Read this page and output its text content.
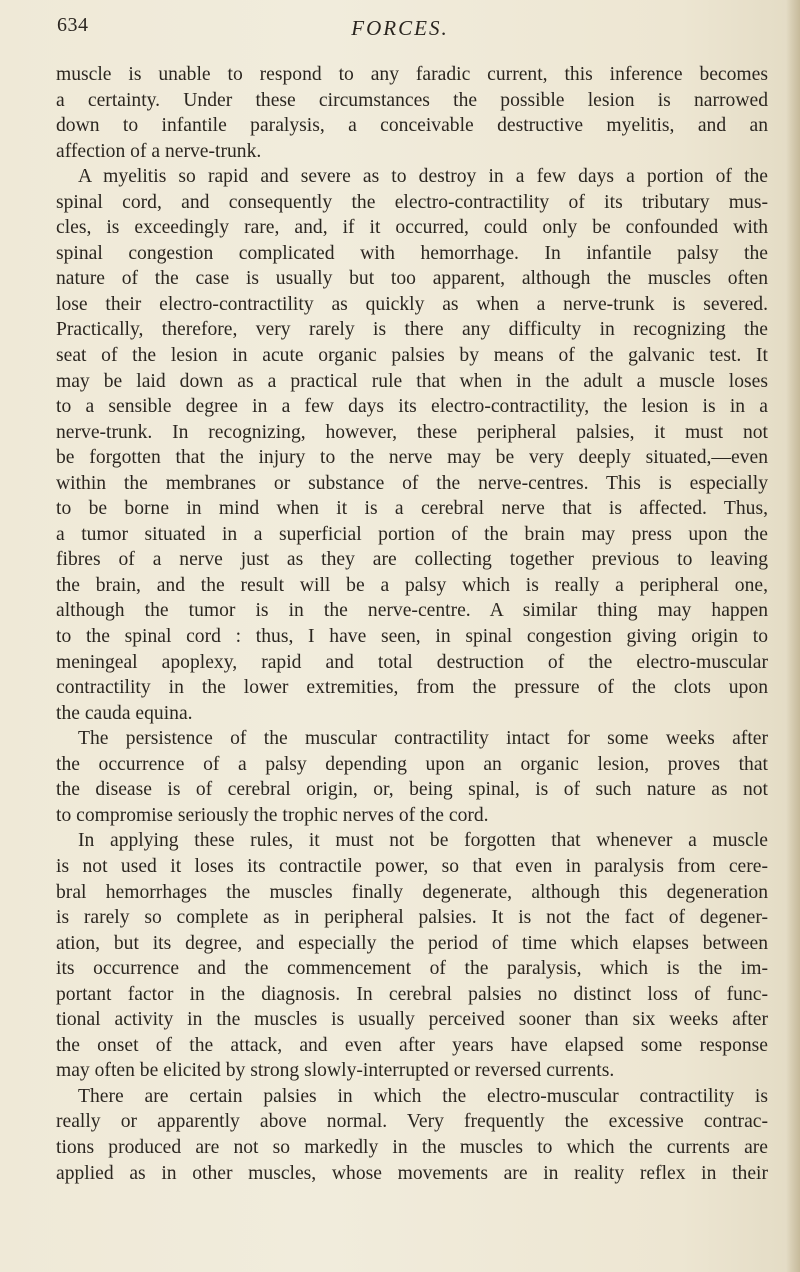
634	FORCES.
muscle is unable to respond to any faradic current, this inference becomes
a certainty. Under these circumstances the possible lesion is narrowed
down to infantile paralysis, a conceivable destructive myelitis, and an
affection of a nerve-trunk.
A myelitis so rapid and severe as to destroy in a few days a portion of the
spinal cord, and consequently the electro-contractility of its tributary mus-
cles, is exceedingly rare, and, if it occurred, could only be confounded with
spinal congestion complicated with hemorrhage. In infantile palsy the
nature of the case is usually but too apparent, although the muscles often
lose their electro-contractility as quickly as when a nerve-trunk is severed.
Practically, therefore, very rarely is there any difficulty in recognizing the
seat of the lesion in acute organic palsies by means of the galvanic test. It
may be laid down as a practical rule that when in the adult a muscle loses
to a sensible degree in a few days its electro-contractility, the lesion is in a
nerve-trunk. In recognizing, however, these peripheral palsies, it must not
be forgotten that the injury to the nerve may be very deeply situated,—even
within the membranes or substance of the nerve-centres. This is especially
to be borne in mind when it is a cerebral nerve that is affected. Thus,
a tumor situated in a superficial portion of the brain may press upon the
fibres of a nerve just as they are collecting together previous to leaving
the brain, and the result will be a palsy which is really a peripheral one,
although the tumor is in the nerve-centre. A similar thing may happen
to the spinal cord : thus, I have seen, in spinal congestion giving origin to
meningeal apoplexy, rapid and total destruction of the electro-muscular
contractility in the lower extremities, from the pressure of the clots upon
the cauda equina.
The persistence of the muscular contractility intact for some weeks after
the occurrence of a palsy depending upon an organic lesion, proves that
the disease is of cerebral origin, or, being spinal, is of such nature as not
to compromise seriously the trophic nerves of the cord.
In applying these rules, it must not be forgotten that whenever a muscle
is not used it loses its contractile power, so that even in paralysis from cere-
bral hemorrhages the muscles finally degenerate, although this degeneration
is rarely so complete as in peripheral palsies. It is not the fact of degener-
ation, but its degree, and especially the period of time which elapses between
its occurrence and the commencement of the paralysis, which is the im-
portant factor in the diagnosis. In cerebral palsies no distinct loss of func-
tional activity in the muscles is usually perceived sooner than six weeks after
the onset of the attack, and even after years have elapsed some response
may often be elicited by strong slowly-interrupted or reversed currents.
There are certain palsies in which the electro-muscular contractility is
really or apparently above normal. Very frequently the excessive contrac-
tions produced are not so markedly in the muscles to which the currents are
applied as in other muscles, whose movements are in reality reflex in their
